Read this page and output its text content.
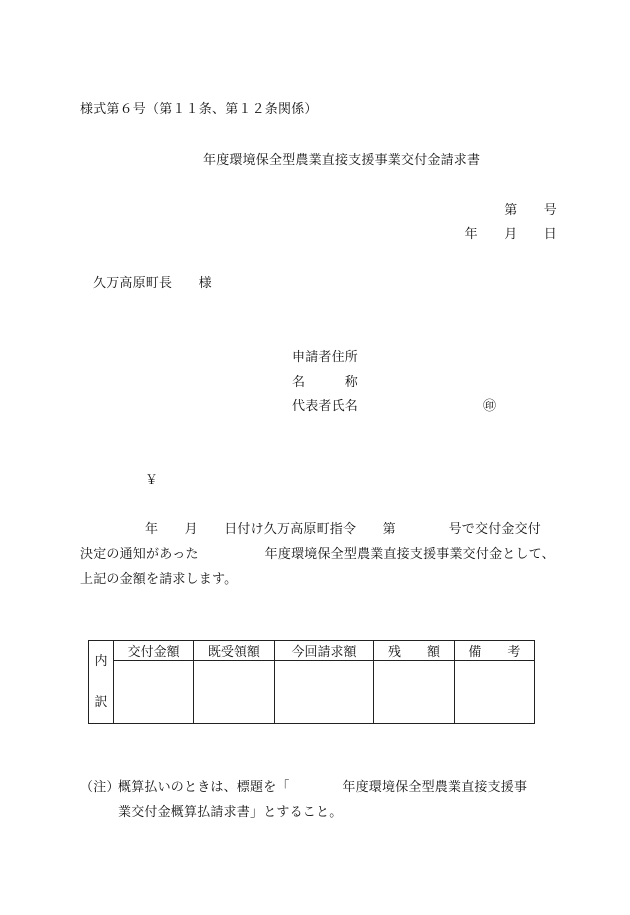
様式第６号（第１１条、第１２条関係）
年度環境保全型農業直接支援事業交付金請求書
第　　号
年　　月　　日
久万高原町長　　様
申請者住所
名　　　称
代表者氏名	㊞
￥
年　　月　　日付け久万高原町指令　　第　　　　号で交付金交付
決定の通知があった　　　　　年度環境保全型農業直接支援事業交付金として、
上記の金額を請求します。
内
訳	交付金額	既受領額	今回請求額	残　　額	備　　考

（注）
概算払いのときは、標題を「　　　　年度環境保全型農業直接支援事
業交付金概算払請求書」とすること。
